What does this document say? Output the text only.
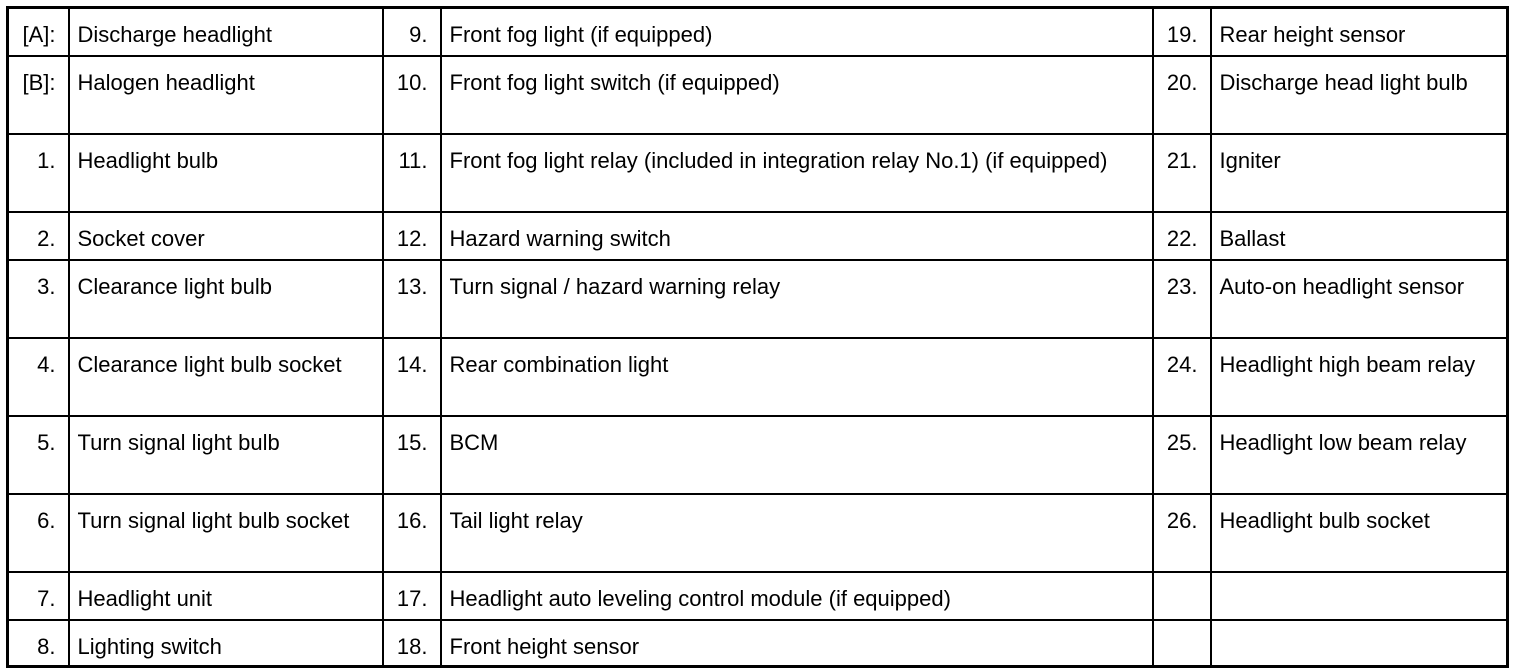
[A]:	Discharge headlight	9.	Front fog light (if equipped)	19.	Rear height sensor
[B]:	Halogen headlight	10.	Front fog light switch (if equipped)	20.	Discharge head light bulb
1.	Headlight bulb	11.	Front fog light relay (included in integration relay No.1) (if equipped)	21.	Igniter
2.	Socket cover	12.	Hazard warning switch	22.	Ballast
3.	Clearance light bulb	13.	Turn signal / hazard warning relay	23.	Auto-on headlight sensor
4.	Clearance light bulb socket	14.	Rear combination light	24.	Headlight high beam relay
5.	Turn signal light bulb	15.	BCM	25.	Headlight low beam relay
6.	Turn signal light bulb socket	16.	Tail light relay	26.	Headlight bulb socket
7.	Headlight unit	17.	Headlight auto leveling control module (if equipped)		
8.	Lighting switch	18.	Front height sensor		
